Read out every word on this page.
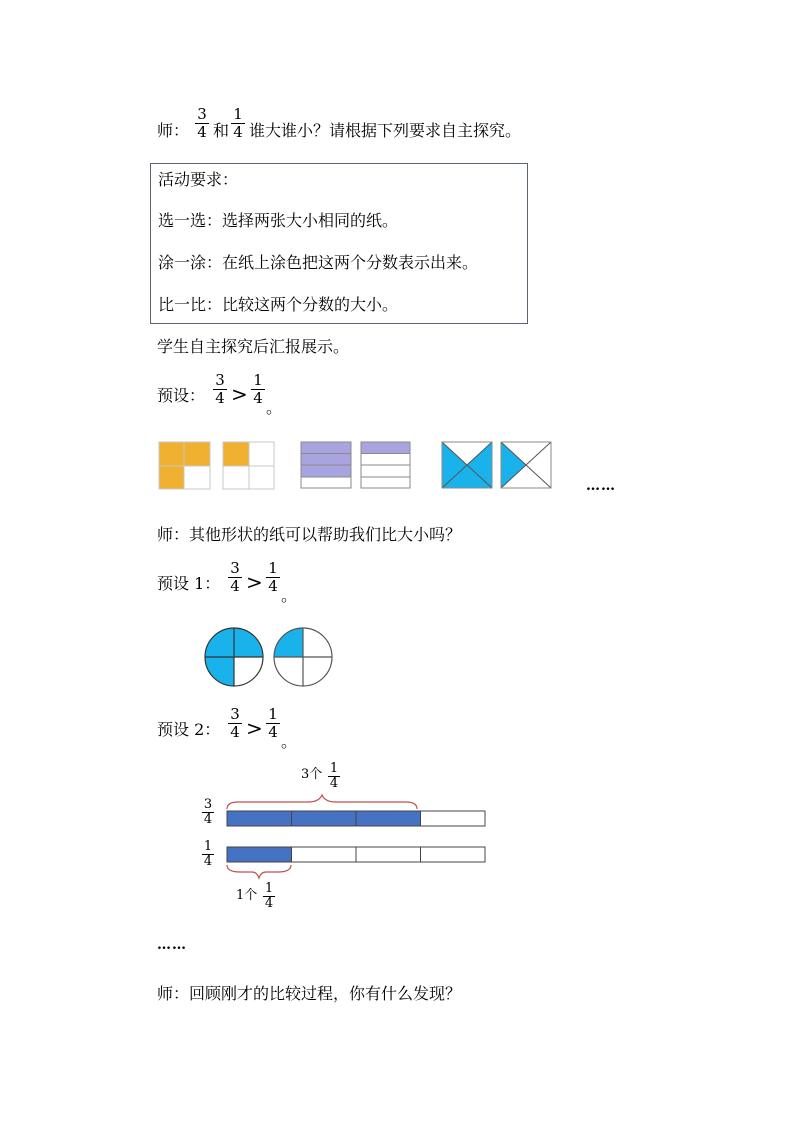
师：
3
4 和
1
4 谁大谁小？请根据下列要求自主探究。
活动要求：
选一选：选择两张大小相同的纸。
涂一涂：在纸上涂色把这两个分数表示出来。
比一比：比较这两个分数的大小。
学生自主探究后汇报展示。
预设：
3
4 >
1
4 。
……
师：其他形状的纸可以帮助我们比大小吗？
预设 1：
3
4 >
1
4 。
预设 2：
3
4 >
1
4 。
3个 1
4
3
4
1
4
1个 1
4
……
师：回顾刚才的比较过程，你有什么发现？
